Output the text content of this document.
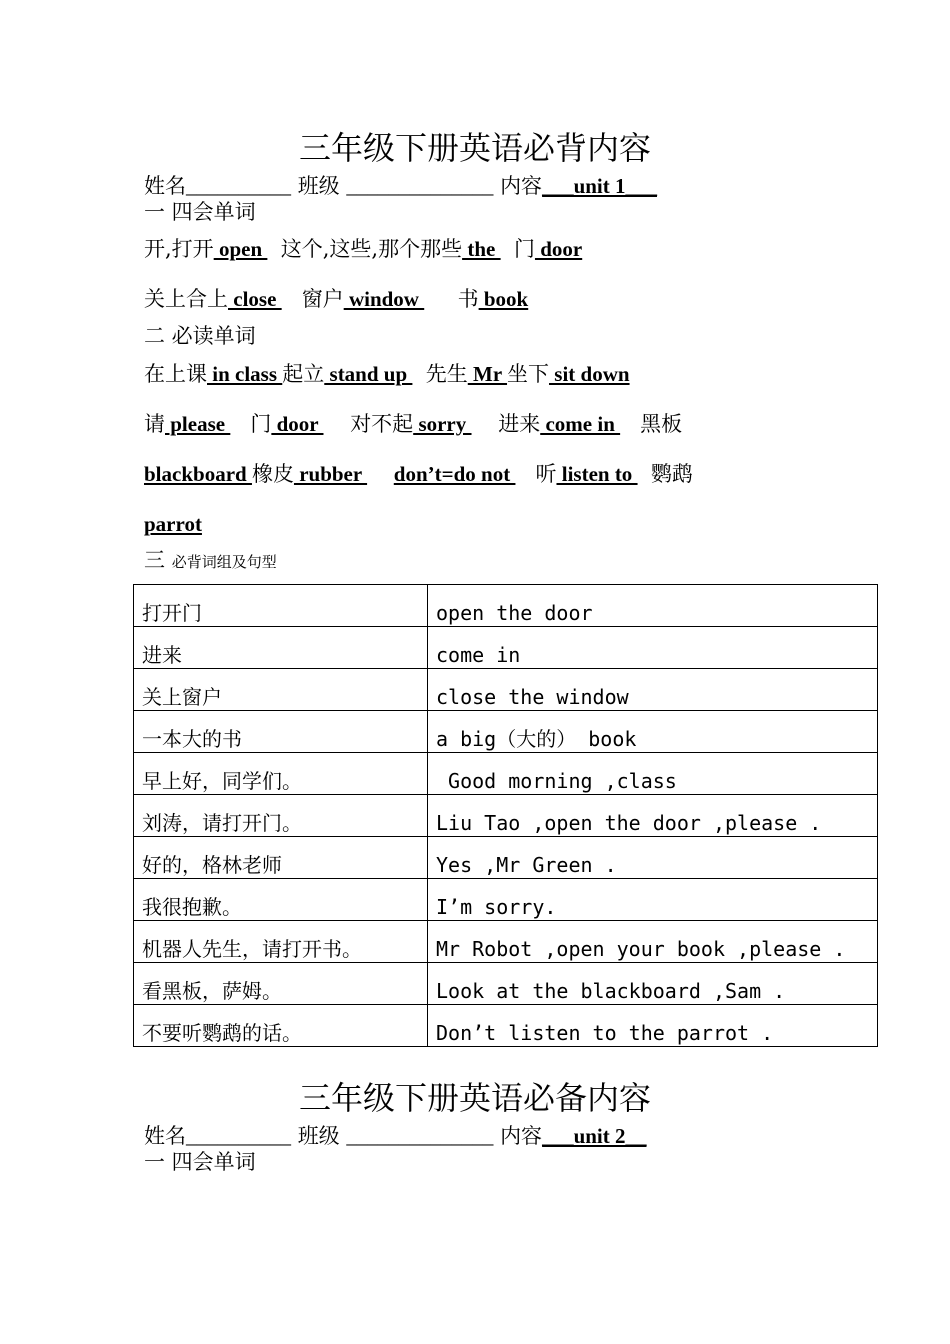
三年级下册英语必背内容
姓名__________ 班级 ______________ 内容___unit 1___
一 四会单词
开,打开 open   这个,这些,那个那些 the   门 door
关上合上 close    窗户 window      书 book
二 必读单词
在上课 in class 起立 stand up   先生 Mr 坐下 sit down
请 please    门 door     对不起 sorry     进来 come in    黑板
blackboard 橡皮 rubber     don’t=do not    听 listen to   鹦鹉
parrot
三 必背词组及句型
打开门	open the door
进来	come in
关上窗户	close the window
一本大的书	a big（大的） book
早上好，同学们。	Good morning ,class
刘涛，请打开门。	Liu Tao ,open the door ,please .
好的，格林老师	Yes ,Mr Green .
我很抱歉。	I’m sorry.
机器人先生，请打开书。	Mr Robot ,open your book ,please .
看黑板，萨姆。	Look at the blackboard ,Sam .
不要听鹦鹉的话。	Don’t listen to the parrot .
三年级下册英语必备内容
姓名__________ 班级 ______________ 内容___unit 2__
一 四会单词
